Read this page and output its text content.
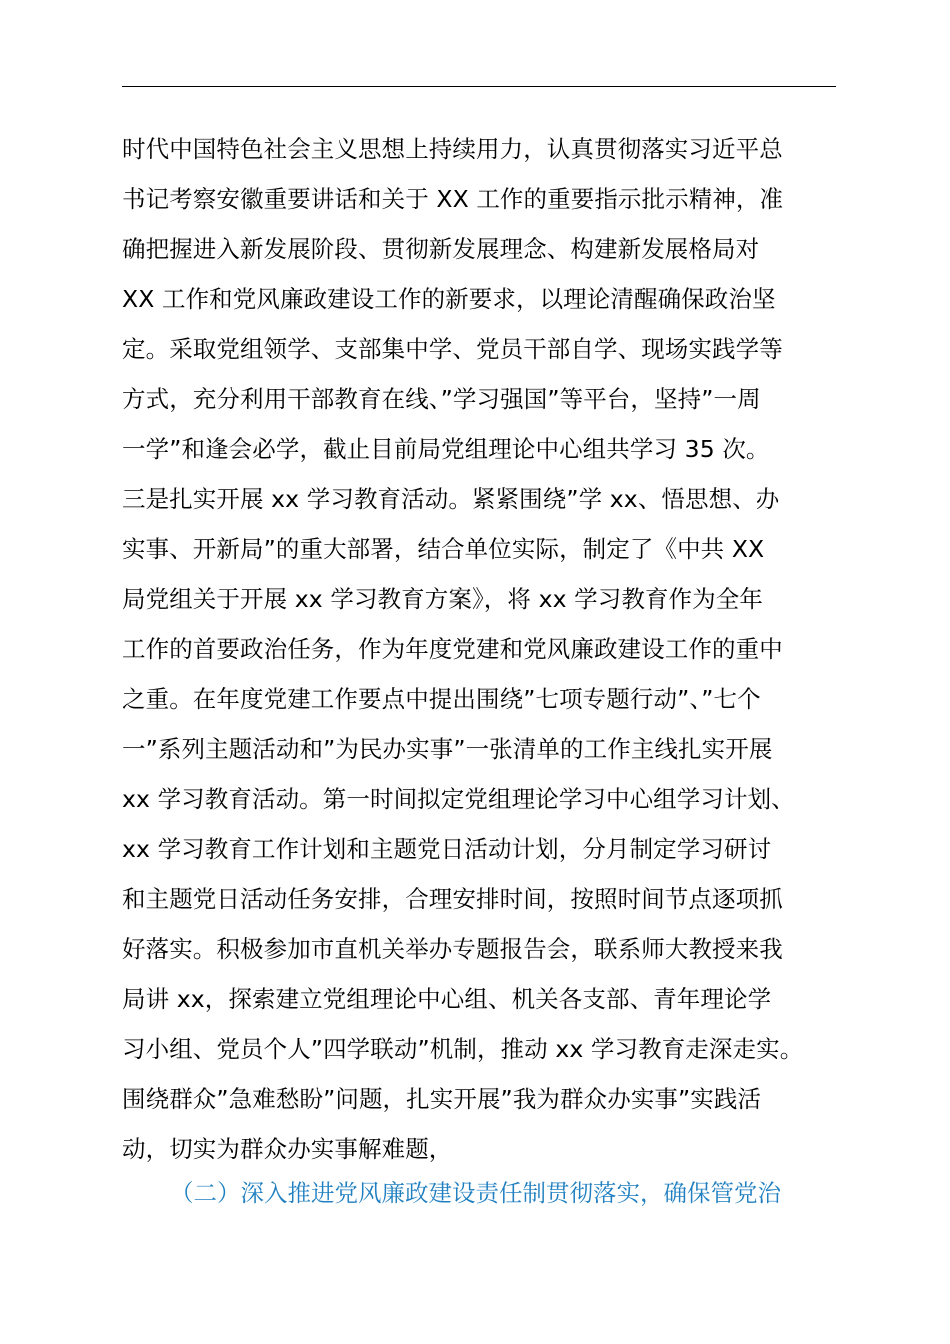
时代中国特色社会主义思想上持续用力，认真贯彻落实习近平总
书记考察安徽重要讲话和关于 XX 工作的重要指示批示精神，准
确把握进入新发展阶段、贯彻新发展理念、构建新发展格局对
XX 工作和党风廉政建设工作的新要求，以理论清醒确保政治坚
定。采取党组领学、支部集中学、党员干部自学、现场实践学等
方式，充分利用干部教育在线、”学习强国”等平台，坚持”一周
一学”和逢会必学，截止目前局党组理论中心组共学习 35 次。
三是扎实开展 xx 学习教育活动。紧紧围绕”学 xx、悟思想、办
实事、开新局”的重大部署，结合单位实际，制定了《中共 XX
局党组关于开展 xx 学习教育方案》，将 xx 学习教育作为全年
工作的首要政治任务，作为年度党建和党风廉政建设工作的重中
之重。在年度党建工作要点中提出围绕”七项专题行动”、”七个
一”系列主题活动和”为民办实事”一张清单的工作主线扎实开展
xx 学习教育活动。第一时间拟定党组理论学习中心组学习计划、
xx 学习教育工作计划和主题党日活动计划，分月制定学习研讨
和主题党日活动任务安排，合理安排时间，按照时间节点逐项抓
好落实。积极参加市直机关举办专题报告会，联系师大教授来我
局讲 xx，探索建立党组理论中心组、机关各支部、青年理论学
习小组、党员个人”四学联动”机制，推动 xx 学习教育走深走实。
围绕群众”急难愁盼”问题，扎实开展”我为群众办实事”实践活
动，切实为群众办实事解难题，
（二）深入推进党风廉政建设责任制贯彻落实，确保管党治
